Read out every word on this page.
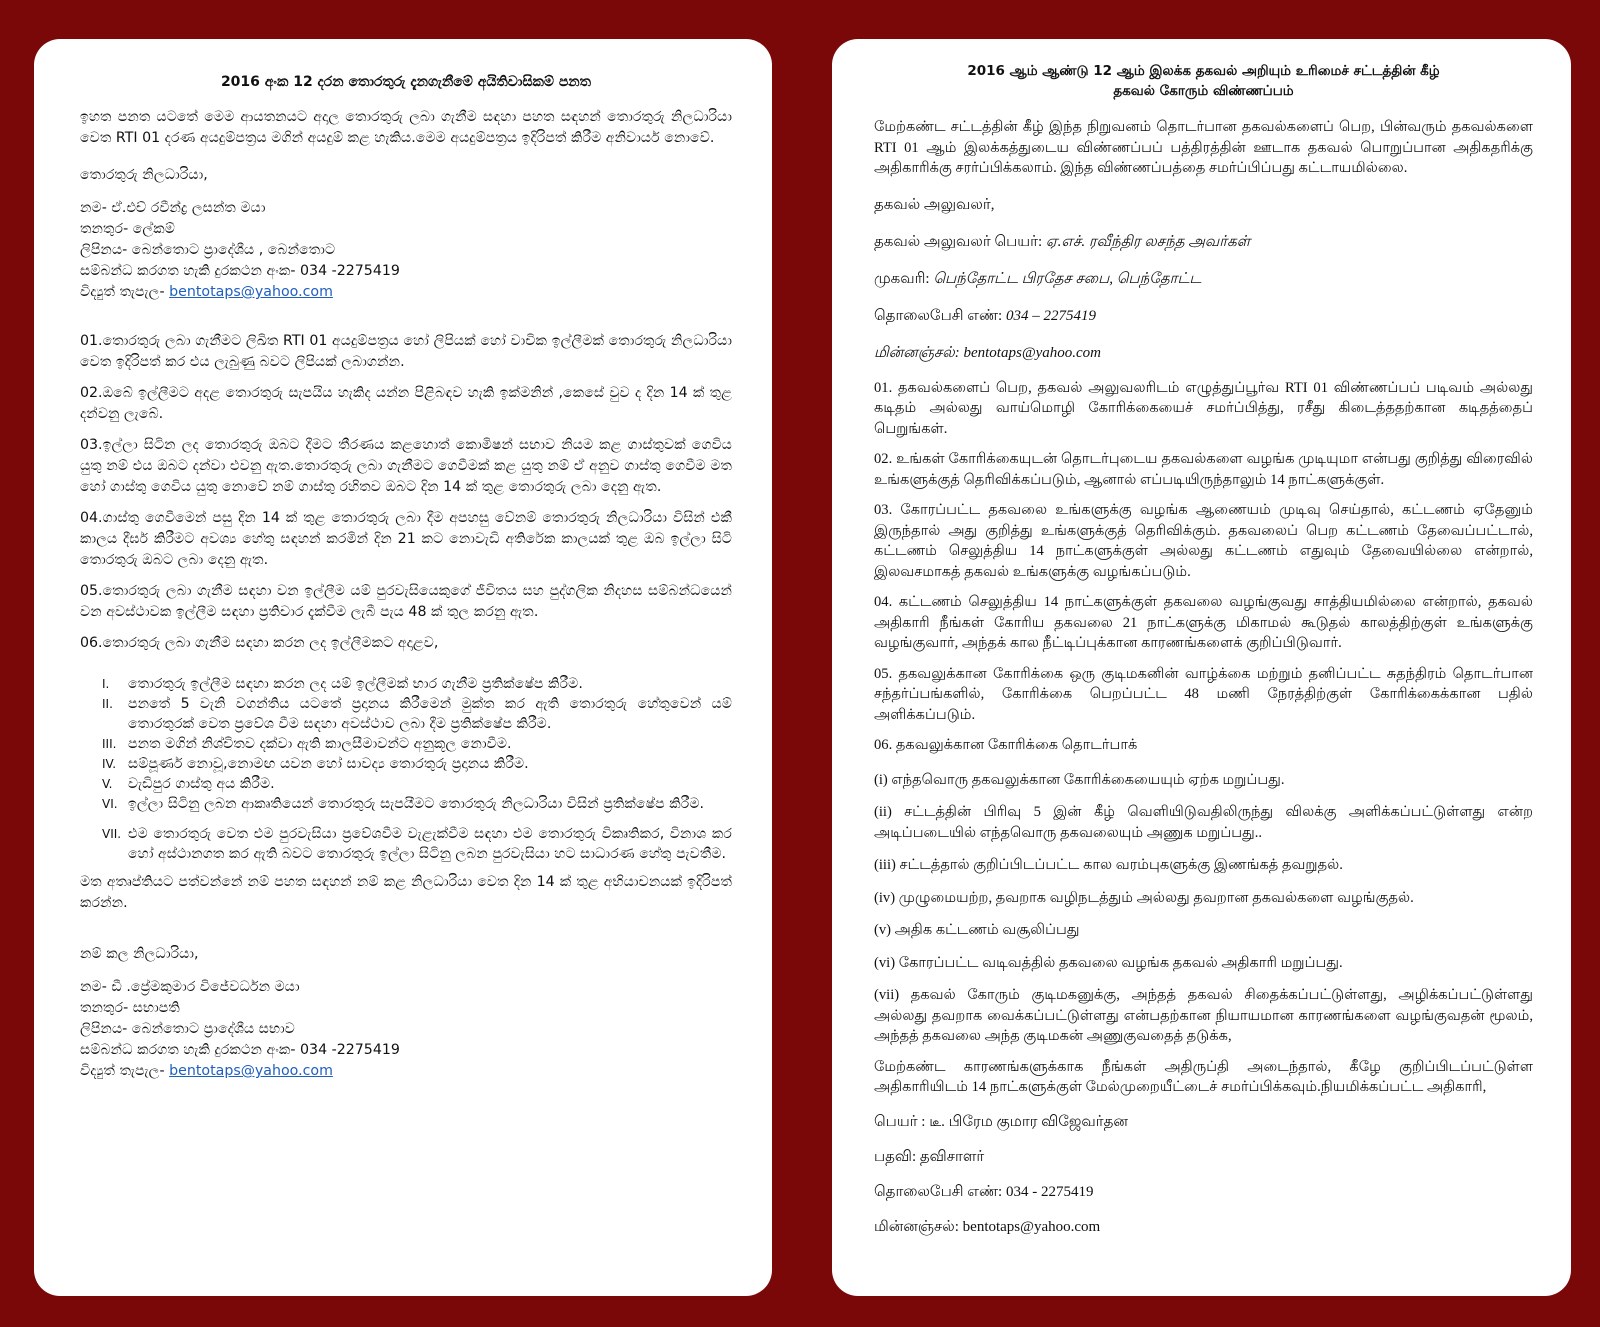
2016 අංක 12 දරන තොරතුරු දැනගැනීමේ අයිතිවාසිකම් පනත

ඉහත පනත යටතේ මෙම ආයතනයට අදාල තොරතුරු ලබා ගැනීම සඳහා පහත සඳහන් තොරතුරු නිලධාරියා වෙත RTI 01 දරණ අයදුම්පත්‍රය මගින් අයදුම් කළ හැකිය.මෙම අයදුම්පත්‍රය ඉදිරිපත් කිරීම අනිවාර්ය නොවේ.

තොරතුරු නිලධාරියා,

නම- ඒ.එච් රවීන්ද්‍ර ලසන්ත මයා

තනතුර- ලේකම්

ලිපිනය- බෙන්තොට ප්‍රාදේශීය , බෙන්තොට

සම්බන්ධ කරගත හැකි දුරකථන අංක- 034 -2275419

විද්‍යුත් තැපැල- bentotaps@yahoo.com

01.තොරතුරු ලබා ගැනීමට ලිඛිත RTI 01 අයදුම්පත්‍රය හෝ ලිපියක් හෝ වාචික ඉල්ලීමක් තොරතුරු නිලධාරියා වෙත ඉදිරිපත් කර එය ලැබුණු බවට ලිපියක් ලබාගන්න.

02.ඔබේ ඉල්ලීමට අදළ තොරතුරු සැපයිය හැකිද යන්න පිළිබඳව හැකි ඉක්මනින් ,කෙසේ වුව ද දින 14 ක් තුළ දන්වනු ලැබේ.

03.ඉල්ලා සිටින ලද තොරතුරු ඔබට දීමට තීරණය කළහොත් කොමිෂන් සභාව නියම කළ ගාස්තුවක් ගෙවිය යුතු නම් එය ඔබට දන්වා එවනු ඇත.තොරතුරු ලබා ගැනීමට ගෙවීමක් කළ යුතු නම් ඒ අනුව ගාස්තු ගෙවීම මත හෝ ගාස්තු ගෙවිය යුතු නොවේ නම් ගාස්තු රහිතව ඔබට දින 14 ක් තුළ තොරතුරු ලබා දෙනු ඇත.

04.ගාස්තු ගෙවීමෙන් පසු දින 14 ක් තුළ තොරතුරු ලබා දීම අපහසු වේනම් තොරතුරු නිලධාරියා විසින් එකී කාලය දීර්ඝ කිරීමට අවශ්‍ය හේතු සඳහන් කරමින් දින 21 කට නොවැඩි අතිරේක කාලයක් තුළ ඔබ ඉල්ලා සිටි තොරතුරු ඔබට ලබා දෙනු ඇත.

05.තොරතුරු ලබා ගැනීම සඳහා වන ඉල්ලීම යම් පුරවැසියෙකුගේ ජීවිතය සහ පුද්ගලික නිදහස සම්බන්ධයෙන් වන අවස්ථාවක ඉල්ලීම සඳහා ප්‍රතිචාර දැක්වීම ලැබී පැය 48 ක් තුල කරනු ඇත.

06.තොරතුරු ලබා ගැනීම සඳහා කරන ලද ඉල්ලීමකට අදාළව,

I.	තොරතුරු ඉල්ලීම සඳහා කරන ලද යම් ඉල්ලීමක් භාර ගැනීම ප්‍රතික්ෂේප කිරීම.
II.	පනතේ 5 වැනි වගන්තිය යටතේ ප්‍රදානය කිරීමෙන් මුක්ත කර ඇති තොරතුරු හේතුවෙන් යම් තොරතුරක් වෙත ප්‍රවේශ වීම සඳහා අවස්ථාව ලබා දීම ප්‍රතික්ෂේප කිරීම.
III. පනත මගින් නිශ්චිතව දක්වා ඇති කාලසීමාවන්ට අනුකූල නොවීම.
IV. සම්පූර්ණ නොවූ,නොමඟ යවන හෝ සාවද්‍ය තොරතුරු ප්‍රදානය කිරීම.
V.	වැඩිපුර ගාස්තු අය කිරීම.
VI. ඉල්ලා සිටිනු ලබන ආකෘතියෙන් තොරතුරු සැපයීමට තොරතුරු නිලධාරියා විසින් ප්‍රතික්ෂේප කිරීම.
VII. එම තොරතුරු වෙත එම පුරවැසියා ප්‍රවේශවීම වැළැක්වීම සඳහා එම තොරතුරු විකෘතිකර, විනාශ කර හෝ අස්ථානගත කර ඇති බවට තොරතුරු ඉල්ලා සිටිනු ලබන පුරවැසියා හට සාධාරණ හේතු පැවතීම.

මත අතෘප්තියට පත්වන්නේ නම් පහත සඳහන් නම් කළ නිලධාරියා වෙත දින 14 ක් තුළ අභියාචනයක් ඉදිරිපත් කරන්න.

නම් කල නිලධාරියා,

නම- ඩී .ප්‍රේමකුමාර විජේවර්ධන මයා

තනතුර- සභාපති

ලිපිනය- බෙන්තොට ප්‍රාදේශීය සභාව

සම්බන්ධ කරගත හැකි දුරකථන අංක- 034 -2275419

විද්‍යුත් තැපැල- bentotaps@yahoo.com

2016 ஆம் ஆண்டு 12 ஆம் இலக்க தகவல் அறியும் உரிமைச் சட்டத்தின் கீழ்

தகவல் கோரும் விண்ணப்பம்

மேற்கண்ட சட்டத்தின் கீழ் இந்த நிறுவனம் தொடர்பான தகவல்களைப் பெற, பின்வரும் தகவல்களை RTI 01 ஆம் இலக்கத்துடைய விண்ணப்பப் பத்திரத்தின் ஊடாக தகவல் பொறுப்பான அதிகதரிக்கு அதிகாரிக்கு சரர்ப்பிக்கலாம். இந்த விண்ணப்பத்தை சமர்ப்பிப்பது கட்டாயமில்லை.

தகவல் அலுவலர்,

தகவல் அலுவலர் பெயர்: ஏ.எச். ரவீந்திர லசந்த அவர்கள்

முகவரி: பெந்தோட்ட பிரதேச சபை, பெந்தோட்ட

தொலைபேசி எண்: 034 – 2275419

மின்னஞ்சல்: bentotaps@yahoo.com

01. தகவல்களைப் பெற, தகவல் அலுவலரிடம் எழுத்துப்பூர்வ RTI 01 விண்ணப்பப் படிவம் அல்லது கடிதம் அல்லது வாய்மொழி கோரிக்கையைச் சமர்ப்பித்து, ரசீது கிடைத்ததற்கான கடிதத்தைப் பெறுங்கள்.

02. உங்கள் கோரிக்கையுடன் தொடர்புடைய தகவல்களை வழங்க முடியுமா என்பது குறித்து விரைவில் உங்களுக்குத் தெரிவிக்கப்படும், ஆனால் எப்படியிருந்தாலும் 14 நாட்களுக்குள்.

03. கோரப்பட்ட தகவலை உங்களுக்கு வழங்க ஆணையம் முடிவு செய்தால், கட்டணம் ஏதேனும் இருந்தால் அது குறித்து உங்களுக்குத் தெரிவிக்கும். தகவலைப் பெற கட்டணம் தேவைப்பட்டால், கட்டணம் செலுத்திய 14 நாட்களுக்குள் அல்லது கட்டணம் எதுவும் தேவையில்லை என்றால், இலவசமாகத் தகவல் உங்களுக்கு வழங்கப்படும்.

04. கட்டணம் செலுத்திய 14 நாட்களுக்குள் தகவலை வழங்குவது சாத்தியமில்லை என்றால், தகவல் அதிகாரி நீங்கள் கோரிய தகவலை 21 நாட்களுக்கு மிகாமல் கூடுதல் காலத்திற்குள் உங்களுக்கு வழங்குவார், அந்தக் கால நீட்டிப்புக்கான காரணங்களைக் குறிப்பிடுவார்.

05. தகவலுக்கான கோரிக்கை ஒரு குடிமகனின் வாழ்க்கை மற்றும் தனிப்பட்ட சுதந்திரம் தொடர்பான சந்தர்ப்பங்களில், கோரிக்கை பெறப்பட்ட 48 மணி நேரத்திற்குள் கோரிக்கைக்கான பதில் அளிக்கப்படும்.

06. தகவலுக்கான கோரிக்கை தொடர்பாக்

(i) எந்தவொரு தகவலுக்கான கோரிக்கையையும் ஏற்க மறுப்பது.

(ii) சட்டத்தின் பிரிவு 5 இன் கீழ் வெளியிடுவதிலிருந்து விலக்கு அளிக்கப்பட்டுள்ளது என்ற அடிப்படையில் எந்தவொரு தகவலையும் அணுக மறுப்பது..

(iii) சட்டத்தால் குறிப்பிடப்பட்ட கால வரம்புகளுக்கு இணங்கத் தவறுதல்.

(iv) முழுமையற்ற, தவறாக வழிநடத்தும் அல்லது தவறான தகவல்களை வழங்குதல்.

(v) அதிக கட்டணம் வசூலிப்பது

(vi) கோரப்பட்ட வடிவத்தில் தகவலை வழங்க தகவல் அதிகாரி மறுப்பது.

(vii) தகவல் கோரும் குடிமகனுக்கு, அந்தத் தகவல் சிதைக்கப்பட்டுள்ளது, அழிக்கப்பட்டுள்ளது அல்லது தவறாக வைக்கப்பட்டுள்ளது என்பதற்கான நியாயமான காரணங்களை வழங்குவதன் மூலம், அந்தத் தகவலை அந்த குடிமகன் அணுகுவதைத் தடுக்க,

மேற்கண்ட காரணங்களுக்காக நீங்கள் அதிருப்தி அடைந்தால், கீழே குறிப்பிடப்பட்டுள்ள அதிகாரியிடம் 14 நாட்களுக்குள் மேல்முறையீட்டைச் சமர்ப்பிக்கவும்.நியமிக்கப்பட்ட அதிகாரி,

பெயர் : டீ. பிரேம குமார விஜேவர்தன

பதவி: தவிசாளர்

தொலைபேசி எண்: 034 - 2275419

மின்னஞ்சல்: bentotaps@yahoo.com
